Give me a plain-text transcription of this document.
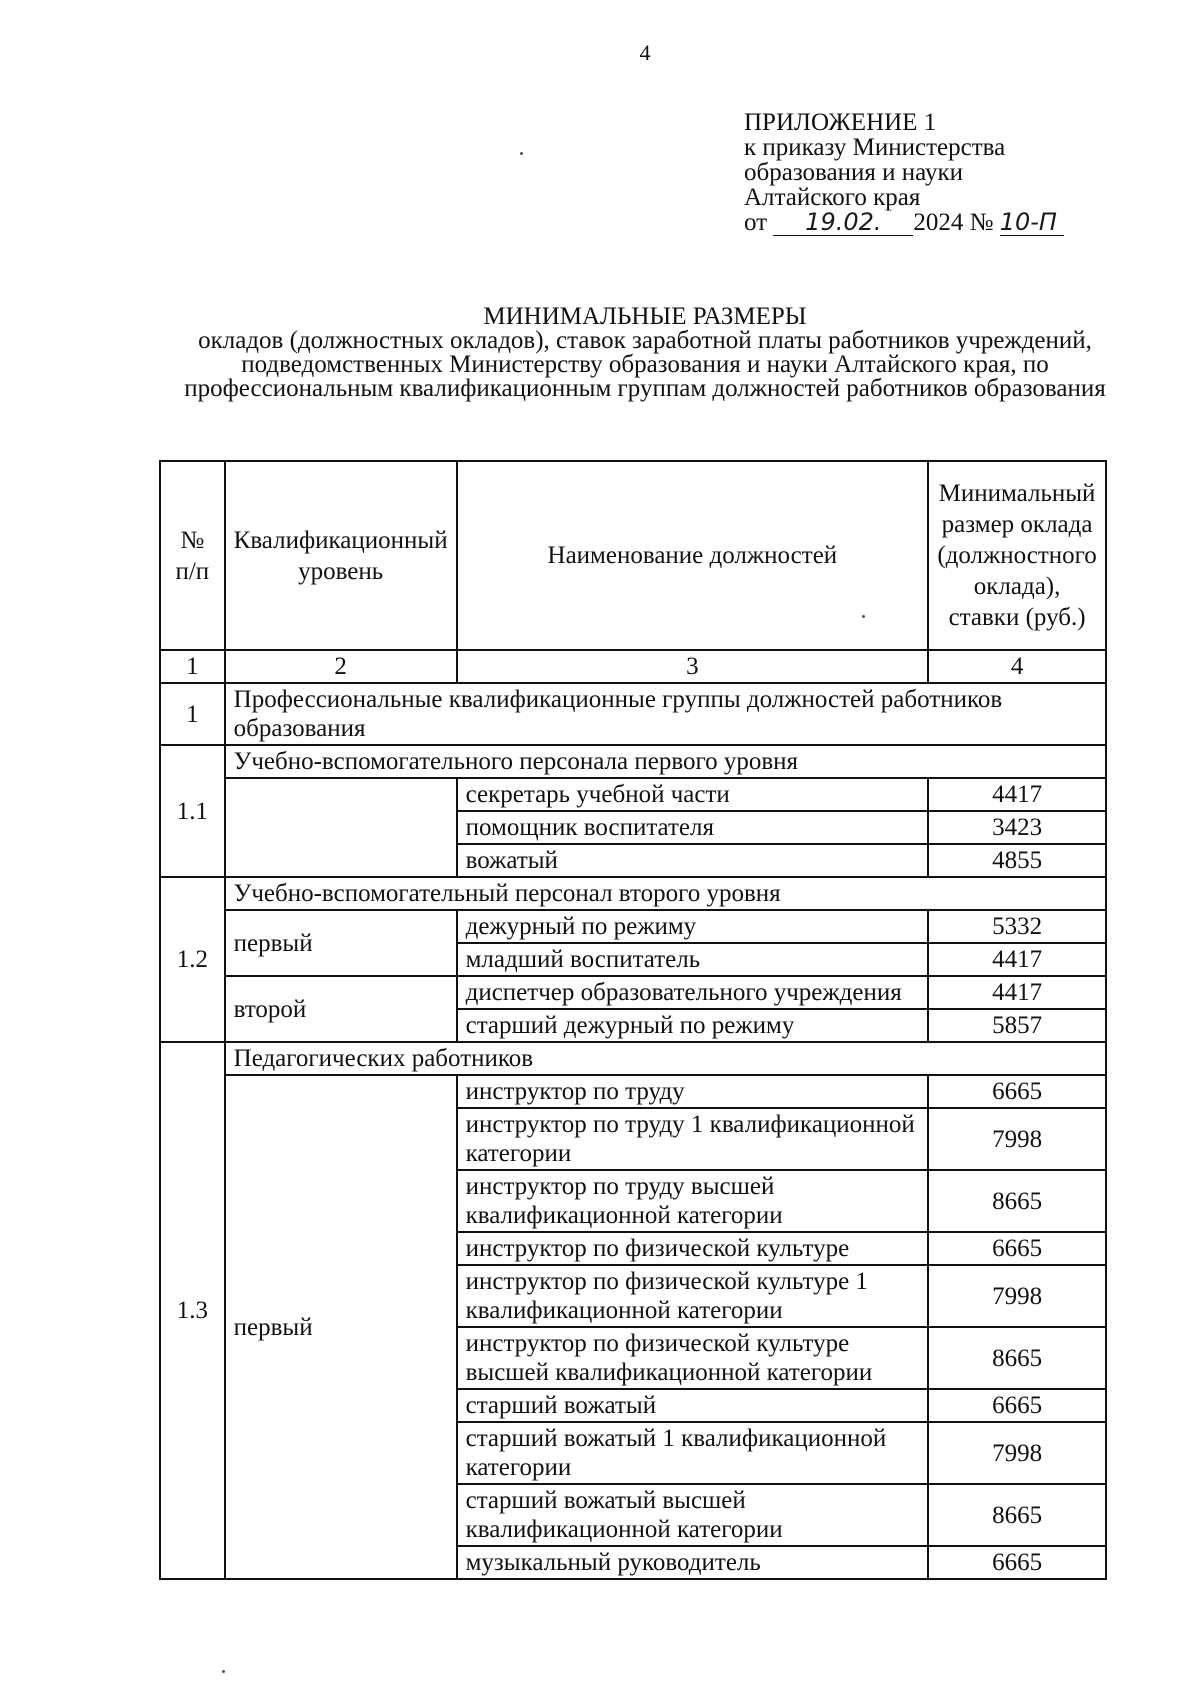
4
ПРИЛОЖЕНИЕ 1
к приказу Министерства
образования и науки
Алтайского края
от 19.02. 2024 № 10-П
МИНИМАЛЬНЫЕ РАЗМЕРЫ
окладов (должностных окладов), ставок заработной платы работников учреждений, подведомственных Министерству образования и науки Алтайского края, по профессиональным квалификационным группам должностей работников образования
№ п/п	Квалификационный уровень	Наименование должностей	Минимальный размер оклада (должностного оклада), ставки (руб.)
1	2	3	4
1	Профессиональные квалификационные группы должностей работников образования		
1.1	Учебно-вспомогательного персонала первого уровня		
		секретарь учебной части	4417
		помощник воспитателя	3423
		вожатый	4855
1.2	Учебно-вспомогательный персонал второго уровня		
	первый	дежурный по режиму	5332
		младший воспитатель	4417
	второй	диспетчер образовательного учреждения	4417
		старший дежурный по режиму	5857
1.3	Педагогических работников		
	первый	инструктор по труду	6665
		инструктор по труду 1 квалификационной категории	7998
		инструктор по труду высшей квалификационной категории	8665
		инструктор по физической культуре	6665
		инструктор по физической культуре 1 квалификационной категории	7998
		инструктор по физической культуре высшей квалификационной категории	8665
		старший вожатый	6665
		старший вожатый 1 квалификационной категории	7998
		старший вожатый высшей квалификационной категории	8665
		музыкальный руководитель	6665
